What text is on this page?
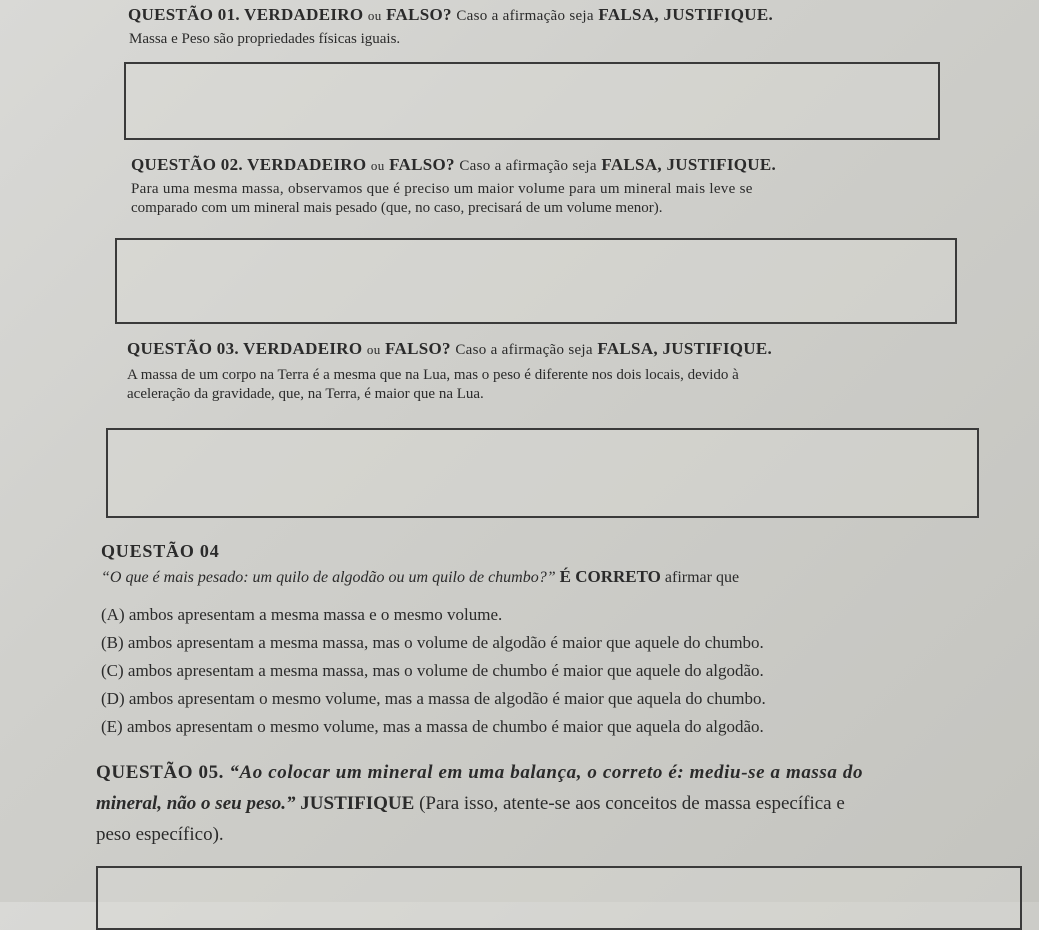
QUESTÃO 01. VERDADEIRO ou FALSO? Caso a afirmação seja FALSA, JUSTIFIQUE.

Massa e Peso são propriedades físicas iguais.

QUESTÃO 02. VERDADEIRO ou FALSO? Caso a afirmação seja FALSA, JUSTIFIQUE.

Para uma mesma massa, observamos que é preciso um maior volume para um mineral mais leve se

comparado com um mineral mais pesado (que, no caso, precisará de um volume menor).

QUESTÃO 03. VERDADEIRO ou FALSO? Caso a afirmação seja FALSA, JUSTIFIQUE.

A massa de um corpo na Terra é a mesma que na Lua, mas o peso é diferente nos dois locais, devido à

aceleração da gravidade, que, na Terra, é maior que na Lua.

QUESTÃO 04
“O que é mais pesado: um quilo de algodão ou um quilo de chumbo?” É CORRETO afirmar que

(A) ambos apresentam a mesma massa e o mesmo volume.

(B) ambos apresentam a mesma massa, mas o volume de algodão é maior que aquele do chumbo.

(C) ambos apresentam a mesma massa, mas o volume de chumbo é maior que aquele do algodão.

(D) ambos apresentam o mesmo volume, mas a massa de algodão é maior que aquela do chumbo.

(E) ambos apresentam o mesmo volume, mas a massa de chumbo é maior que aquela do algodão.

QUESTÃO 05. “Ao colocar um mineral em uma balança, o correto é: mediu-se a massa do
mineral, não o seu peso.” JUSTIFIQUE (Para isso, atente-se aos conceitos de massa específica e
peso específico).
